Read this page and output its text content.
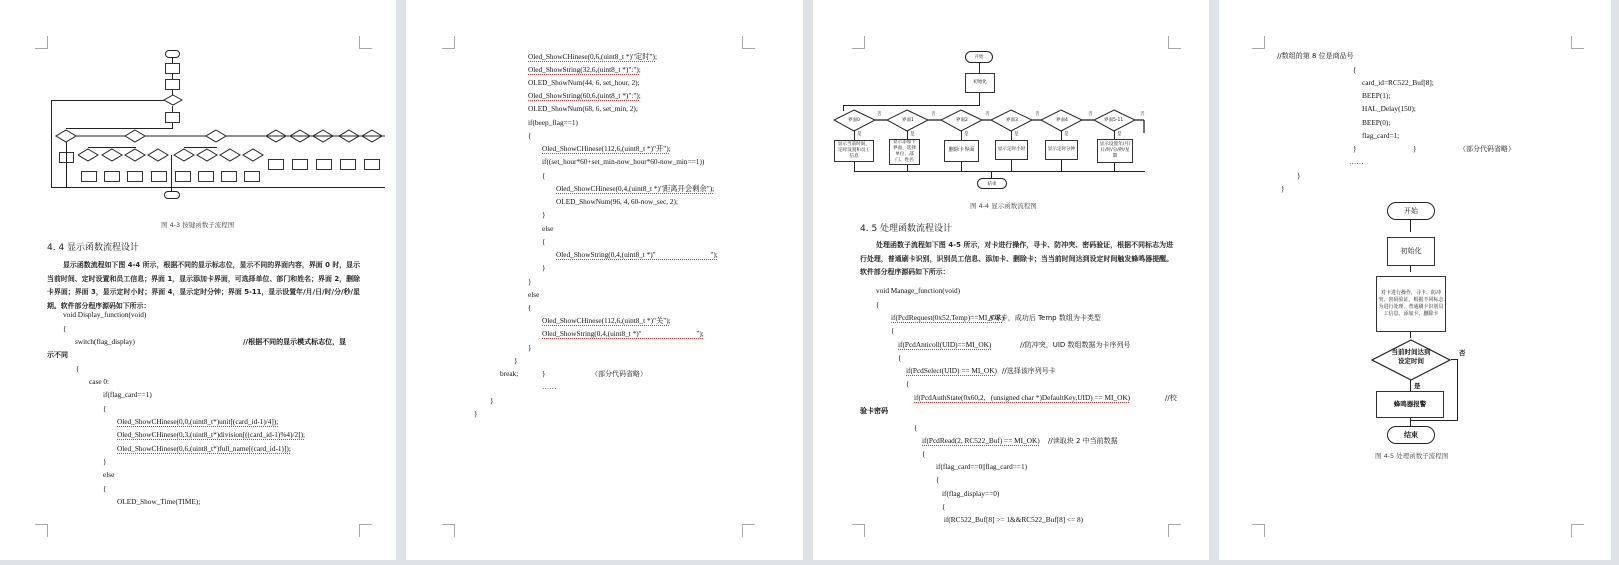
图 4-3 按键函数子流程图
4. 4 显示函数流程设计
显示函数流程如下图 4-4 所示，根据不同的显示标志位，显示不同的界面内容，界面 0 时，显示当前时间、定时设置和员工信息；界面 1，显示添加卡界面，可选择单位、部门和姓名；界面 2，删除卡界面；界面 3，显示定时小时；界面 4，显示定时分钟；界面 5-11，显示设置年/月/日/时/分/秒/星期。软件部分程序源码如下所示：
void Display_function(void)
{
switch(flag_display)	//根据不同的显示模式标志位，显
示不同
{
case 0:
if(flag_card==1)
{
Oled_ShowCHinese(0,0,(uint8_t*)unit[(card_id-1)/4]);
Oled_ShowCHinese(0,3,(uint8_t*)division[((card_id-1)%4)/2]);
Oled_ShowCHinese(0,6,(uint8_t*)full_name[(card_id-1)]);
}
else
{
OLED_Show_Time(TIME);
Oled_ShowCHinese(0,6,(uint8_t *)"定时");
Oled_ShowString(32,6,(uint8_t *)":");
OLED_ShowNum(44, 6, set_hour, 2);
Oled_ShowString(60,6,(uint8_t *)":");
OLED_ShowNum(68, 6, set_min, 2);
if(beep_flag==1)
{
Oled_ShowCHinese(112,6,(uint8_t *)"开");
if((set_hour*60+set_min-now_hour*60-now_min==1))
{
Oled_ShowCHinese(0,4,(uint8_t *)"距离开会剩余");
OLED_ShowNum(96, 4, 60-now_sec, 2);
}
else
{
Oled_ShowString(0,4,(uint8_t *)"                              ");
}
}
else
{
Oled_ShowCHinese(112,6,(uint8_t *)"关");
Oled_ShowString(0,4,(uint8_t *)"                              ");
}
}
break;	}	（部分代码省略）
……
}
}
开始
初始化
界面0	界面1	界面2	界面3	界面4	界面5-11
否	否	否	否	否	否
是	是	是	是	是	是
显示当前时间，定时设置和员工信息
显示添加卡界面，选择单位、部门、姓名
删除卡界面	显示定时小时	显示定时分钟
显示设置年/月/日/时/分/秒/星期
结束
图 4-4 显示函数流程图
4. 5 处理函数流程设计
处理函数子流程如下图 4-5 所示，对卡进行操作，寻卡、防冲突、密码验证，根据不同标志为进行处理，普通刷卡识别，识别员工信息、添加卡、删除卡；当当前时间达到设定时间触发蜂鸣器提醒。软件部分程序源码如下所示：
void Manage_function(void)
{
if(PcdRequest(0x52,Temp)==MI_OK)
//寻卡，成功后 Temp 数组为卡类型
{
if(PcdAnticoll(UID)==MI_OK)	//防冲突，UID 数组数据为卡序列号
{
if(PcdSelect(UID) == MI_OK) //选择该序列号卡
{
if(PcdAuthState(0x60,2,   (unsigned char *)DefaultKey,UID) == MI_OK)	//校
验卡密码
{
if(PcdRead(2, RC522_Buf) == MI_OK) //读取块 2 中当前数据
{
if(flag_card==0||flag_card==1)
{
if(flag_display==0)
{
if(RC522_Buf[8] >= 1&&RC522_Buf[8] <= 8)
//数组的第 8 位是商品号
{
card_id=RC522_Buf[8];
BEEP(1);
HAL_Delay(150);
BEEP(0);
flag_card=1;
}	}	（部分代码省略）
……
}
}
开始
初始化
对卡进行操作，寻卡、防冲突、密码验证，根据不同标志为进行处理，普通刷卡识别员工信息、添加卡、删除卡
当前时间达到设定时间
否
是
蜂鸣器报警
结束
图 4-5 处理函数子流程图
